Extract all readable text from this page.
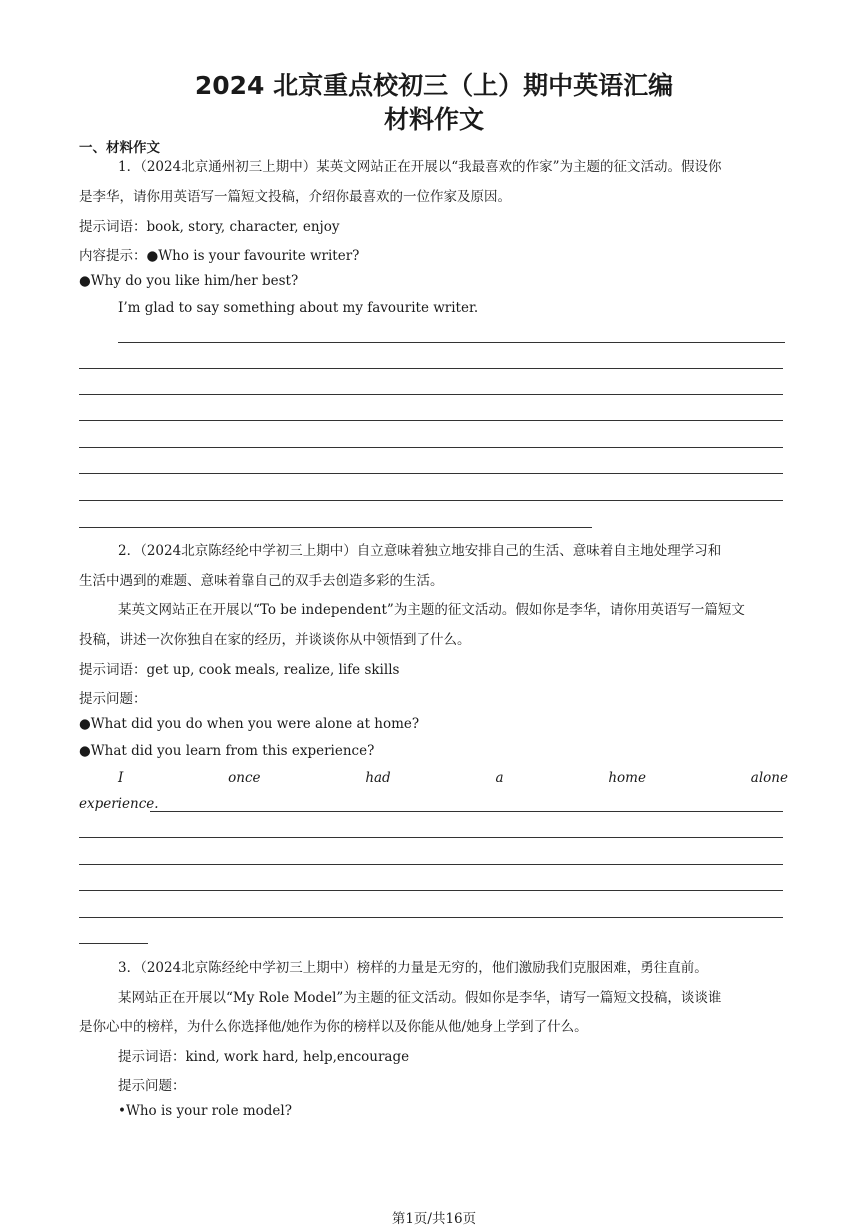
2024 北京重点校初三（上）期中英语汇编
材料作文
一、材料作文
1．（2024北京通州初三上期中）某英文网站正在开展以“我最喜欢的作家”为主题的征文活动。假设你
是李华，请你用英语写一篇短文投稿，介绍你最喜欢的一位作家及原因。
提示词语：book, story, character, enjoy
内容提示：●Who is your favourite writer?
●Why do you like him/her best?
I’m glad to say something about my favourite writer.
2．（2024北京陈经纶中学初三上期中）自立意味着独立地安排自己的生活、意味着自主地处理学习和
生活中遇到的难题、意味着靠自己的双手去创造多彩的生活。
某英文网站正在开展以“To be independent”为主题的征文活动。假如你是李华，请你用英语写一篇短文
投稿，讲述一次你独自在家的经历，并谈谈你从中领悟到了什么。
提示词语：get up, cook meals, realize, life skills
提示问题：
●What did you do when you were alone at home?
●What did you learn from this experience?
I	once	had	a	home	alone
experience.
3．（2024北京陈经纶中学初三上期中）榜样的力量是无穷的，他们激励我们克服困难，勇往直前。
某网站正在开展以“My Role Model”为主题的征文活动。假如你是李华，请写一篇短文投稿，谈谈谁
是你心中的榜样，为什么你选择他/她作为你的榜样以及你能从他/她身上学到了什么。
提示词语：kind, work hard, help,encourage
提示问题：
•Who is your role model?
第1页/共16页
